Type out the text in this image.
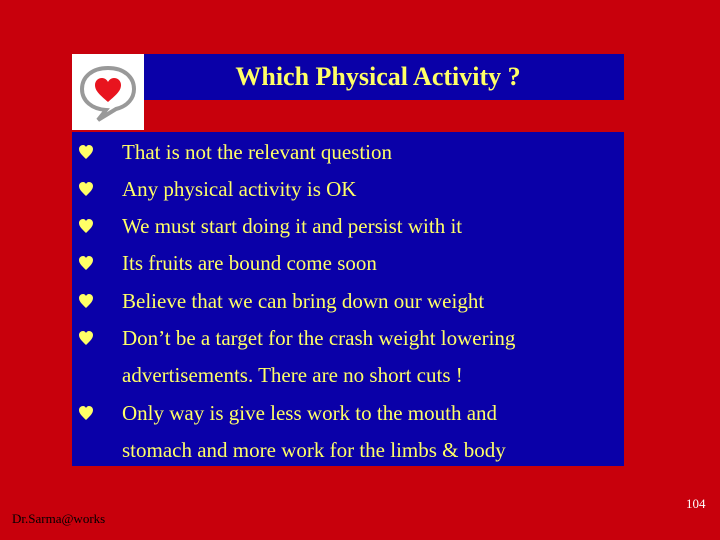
Which Physical Activity ?
That is not the relevant question
Any physical activity is OK
We must start doing it and persist with it
Its fruits are bound come soon
Believe that we can bring down our weight
Don’t be a target for the crash weight lowering
advertisements. There are no short cuts !
Only way is give less work to the mouth and
stomach and more work for the limbs & body
Dr.Sarma@works
104
